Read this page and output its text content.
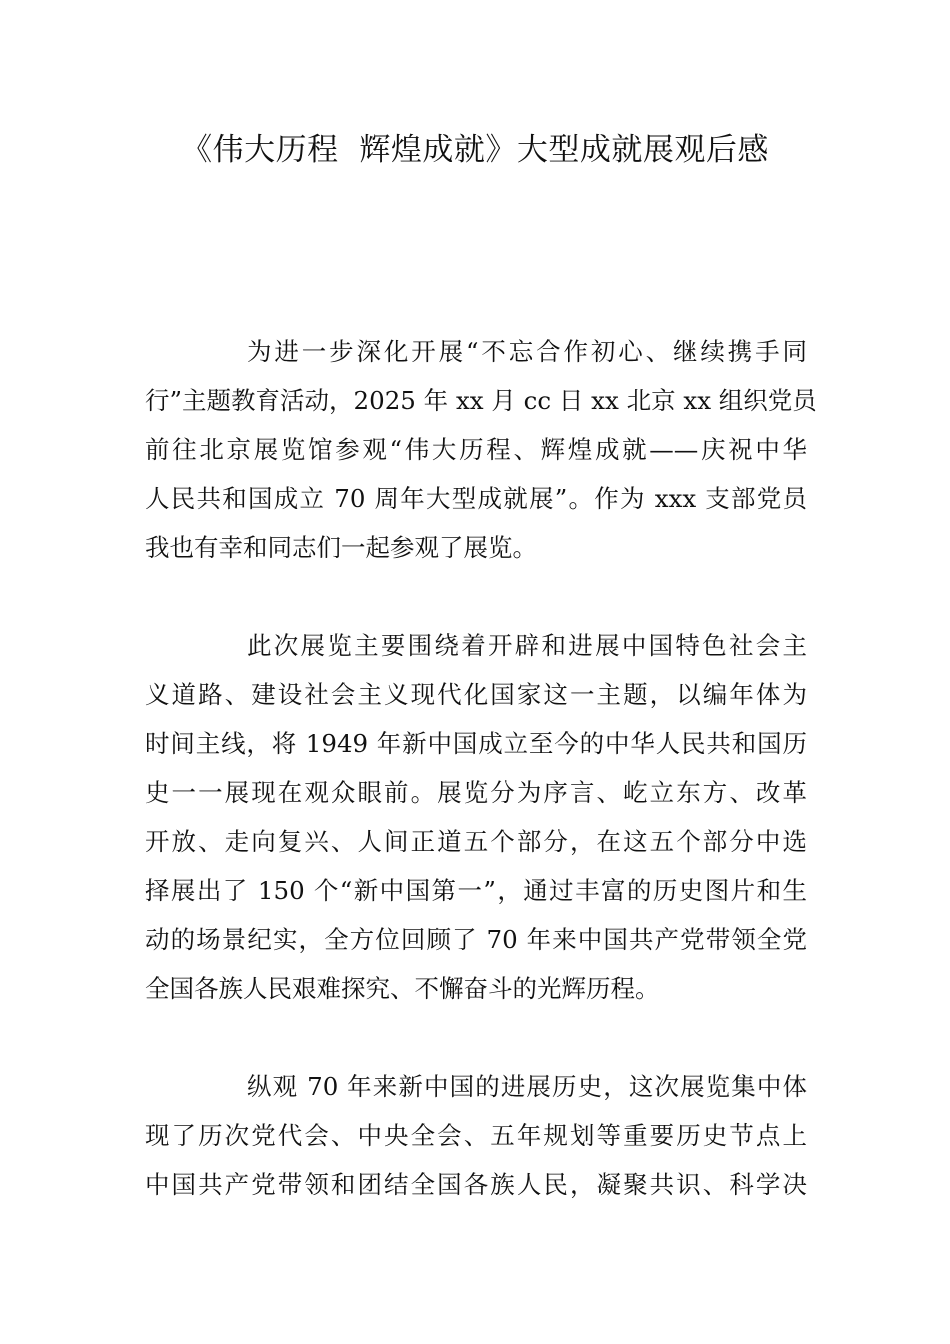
《伟大历程  辉煌成就》大型成就展观后感
为进一步深化开展“不忘合作初心、继续携手同
行”主题教育活动，2025 年 xx 月 cc 日 xx 北京 xx 组织党员
前往北京展览馆参观“伟大历程、辉煌成就——庆祝中华
人民共和国成立 70 周年大型成就展”。作为 xxx 支部党员
我也有幸和同志们一起参观了展览。
此次展览主要围绕着开辟和进展中国特色社会主
义道路、建设社会主义现代化国家这一主题，以编年体为
时间主线，将 1949 年新中国成立至今的中华人民共和国历
史一一展现在观众眼前。展览分为序言、屹立东方、改革
开放、走向复兴、人间正道五个部分，在这五个部分中选
择展出了 150 个“新中国第一”，通过丰富的历史图片和生
动的场景纪实，全方位回顾了 70 年来中国共产党带领全党
全国各族人民艰难探究、不懈奋斗的光辉历程。
纵观 70 年来新中国的进展历史，这次展览集中体
现了历次党代会、中央全会、五年规划等重要历史节点上
中国共产党带领和团结全国各族人民，凝聚共识、科学决
